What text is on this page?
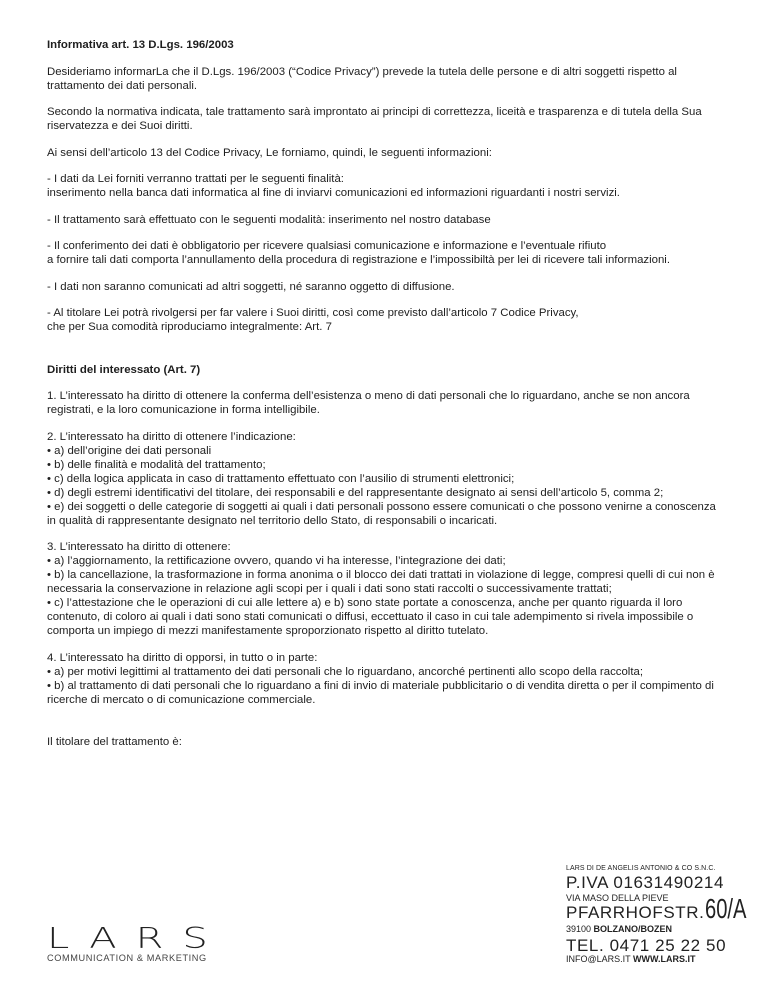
Informativa art. 13 D.Lgs. 196/2003

Desideriamo informarLa che il D.Lgs. 196/2003 (“Codice Privacy”) prevede la tutela delle persone e di altri soggetti rispetto al trattamento dei dati personali.

Secondo la normativa indicata, tale trattamento sarà improntato ai principi di correttezza, liceità e trasparenza e di tutela della Sua riservatezza e dei Suoi diritti.

Ai sensi dell’articolo 13 del Codice Privacy, Le forniamo, quindi, le seguenti informazioni:

- I dati da Lei forniti verranno trattati per le seguenti finalità:
inserimento nella banca dati informatica al fine di inviarvi comunicazioni ed informazioni riguardanti i nostri servizi.

- Il trattamento sarà effettuato con le seguenti modalità: inserimento nel nostro database

- Il conferimento dei dati è obbligatorio per ricevere qualsiasi comunicazione e informazione e l’eventuale rifiuto
a fornire tali dati comporta l’annullamento della procedura di registrazione e l’impossibiltà per lei di ricevere tali informazioni.

- I dati non saranno comunicati ad altri soggetti, né saranno oggetto di diffusione.

- Al titolare Lei potrà rivolgersi per far valere i Suoi diritti, così come previsto dall’articolo 7 Codice Privacy,
che per Sua comodità riproduciamo integralmente: Art. 7

Diritti del interessato (Art. 7)

1. L’interessato ha diritto di ottenere la conferma dell’esistenza o meno di dati personali che lo riguardano, anche se non ancora registrati, e la loro comunicazione in forma intelligibile.

2. L’interessato ha diritto di ottenere l’indicazione:
• a) dell’origine dei dati personali
• b) delle finalità e modalità del trattamento;
• c) della logica applicata in caso di trattamento effettuato con l’ausilio di strumenti elettronici;
• d) degli estremi identificativi del titolare, dei responsabili e del rappresentante designato ai sensi dell’articolo 5, comma 2;
• e) dei soggetti o delle categorie di soggetti ai quali i dati personali possono essere comunicati o che possono venirne a conoscenza in qualità di rappresentante designato nel territorio dello Stato, di responsabili o incaricati.

3. L’interessato ha diritto di ottenere:
• a) l’aggiornamento, la rettificazione ovvero, quando vi ha interesse, l’integrazione dei dati;
• b) la cancellazione, la trasformazione in forma anonima o il blocco dei dati trattati in violazione di legge, compresi quelli di cui non è necessaria la conservazione in relazione agli scopi per i quali i dati sono stati raccolti o successivamente trattati;
• c) l’attestazione che le operazioni di cui alle lettere a) e b) sono state portate a conoscenza, anche per quanto riguarda il loro contenuto, di coloro ai quali i dati sono stati comunicati o diffusi, eccettuato il caso in cui tale adempimento si rivela impossibile o comporta un impiego di mezzi manifestamente sproporzionato rispetto al diritto tutelato.

4. L’interessato ha diritto di opporsi, in tutto o in parte:
• a) per motivi legittimi al trattamento dei dati personali che lo riguardano, ancorché pertinenti allo scopo della raccolta;
• b) al trattamento di dati personali che lo riguardano a fini di invio di materiale pubblicitario o di vendita diretta o per il compimento di ricerche di mercato o di comunicazione commerciale.

Il titolare del trattamento è:

LARS
COMMUNICATION & MARKETING
LARS DI DE ANGELIS ANTONIO & CO S.N.C.
P.IVA 01631490214
VIA MASO DELLA PIEVE
PFARRHOFSTR. 60/A
39100 BOLZANO/BOZEN
TEL. 0471 25 22 50
INFO@LARS.IT WWW.LARS.IT
